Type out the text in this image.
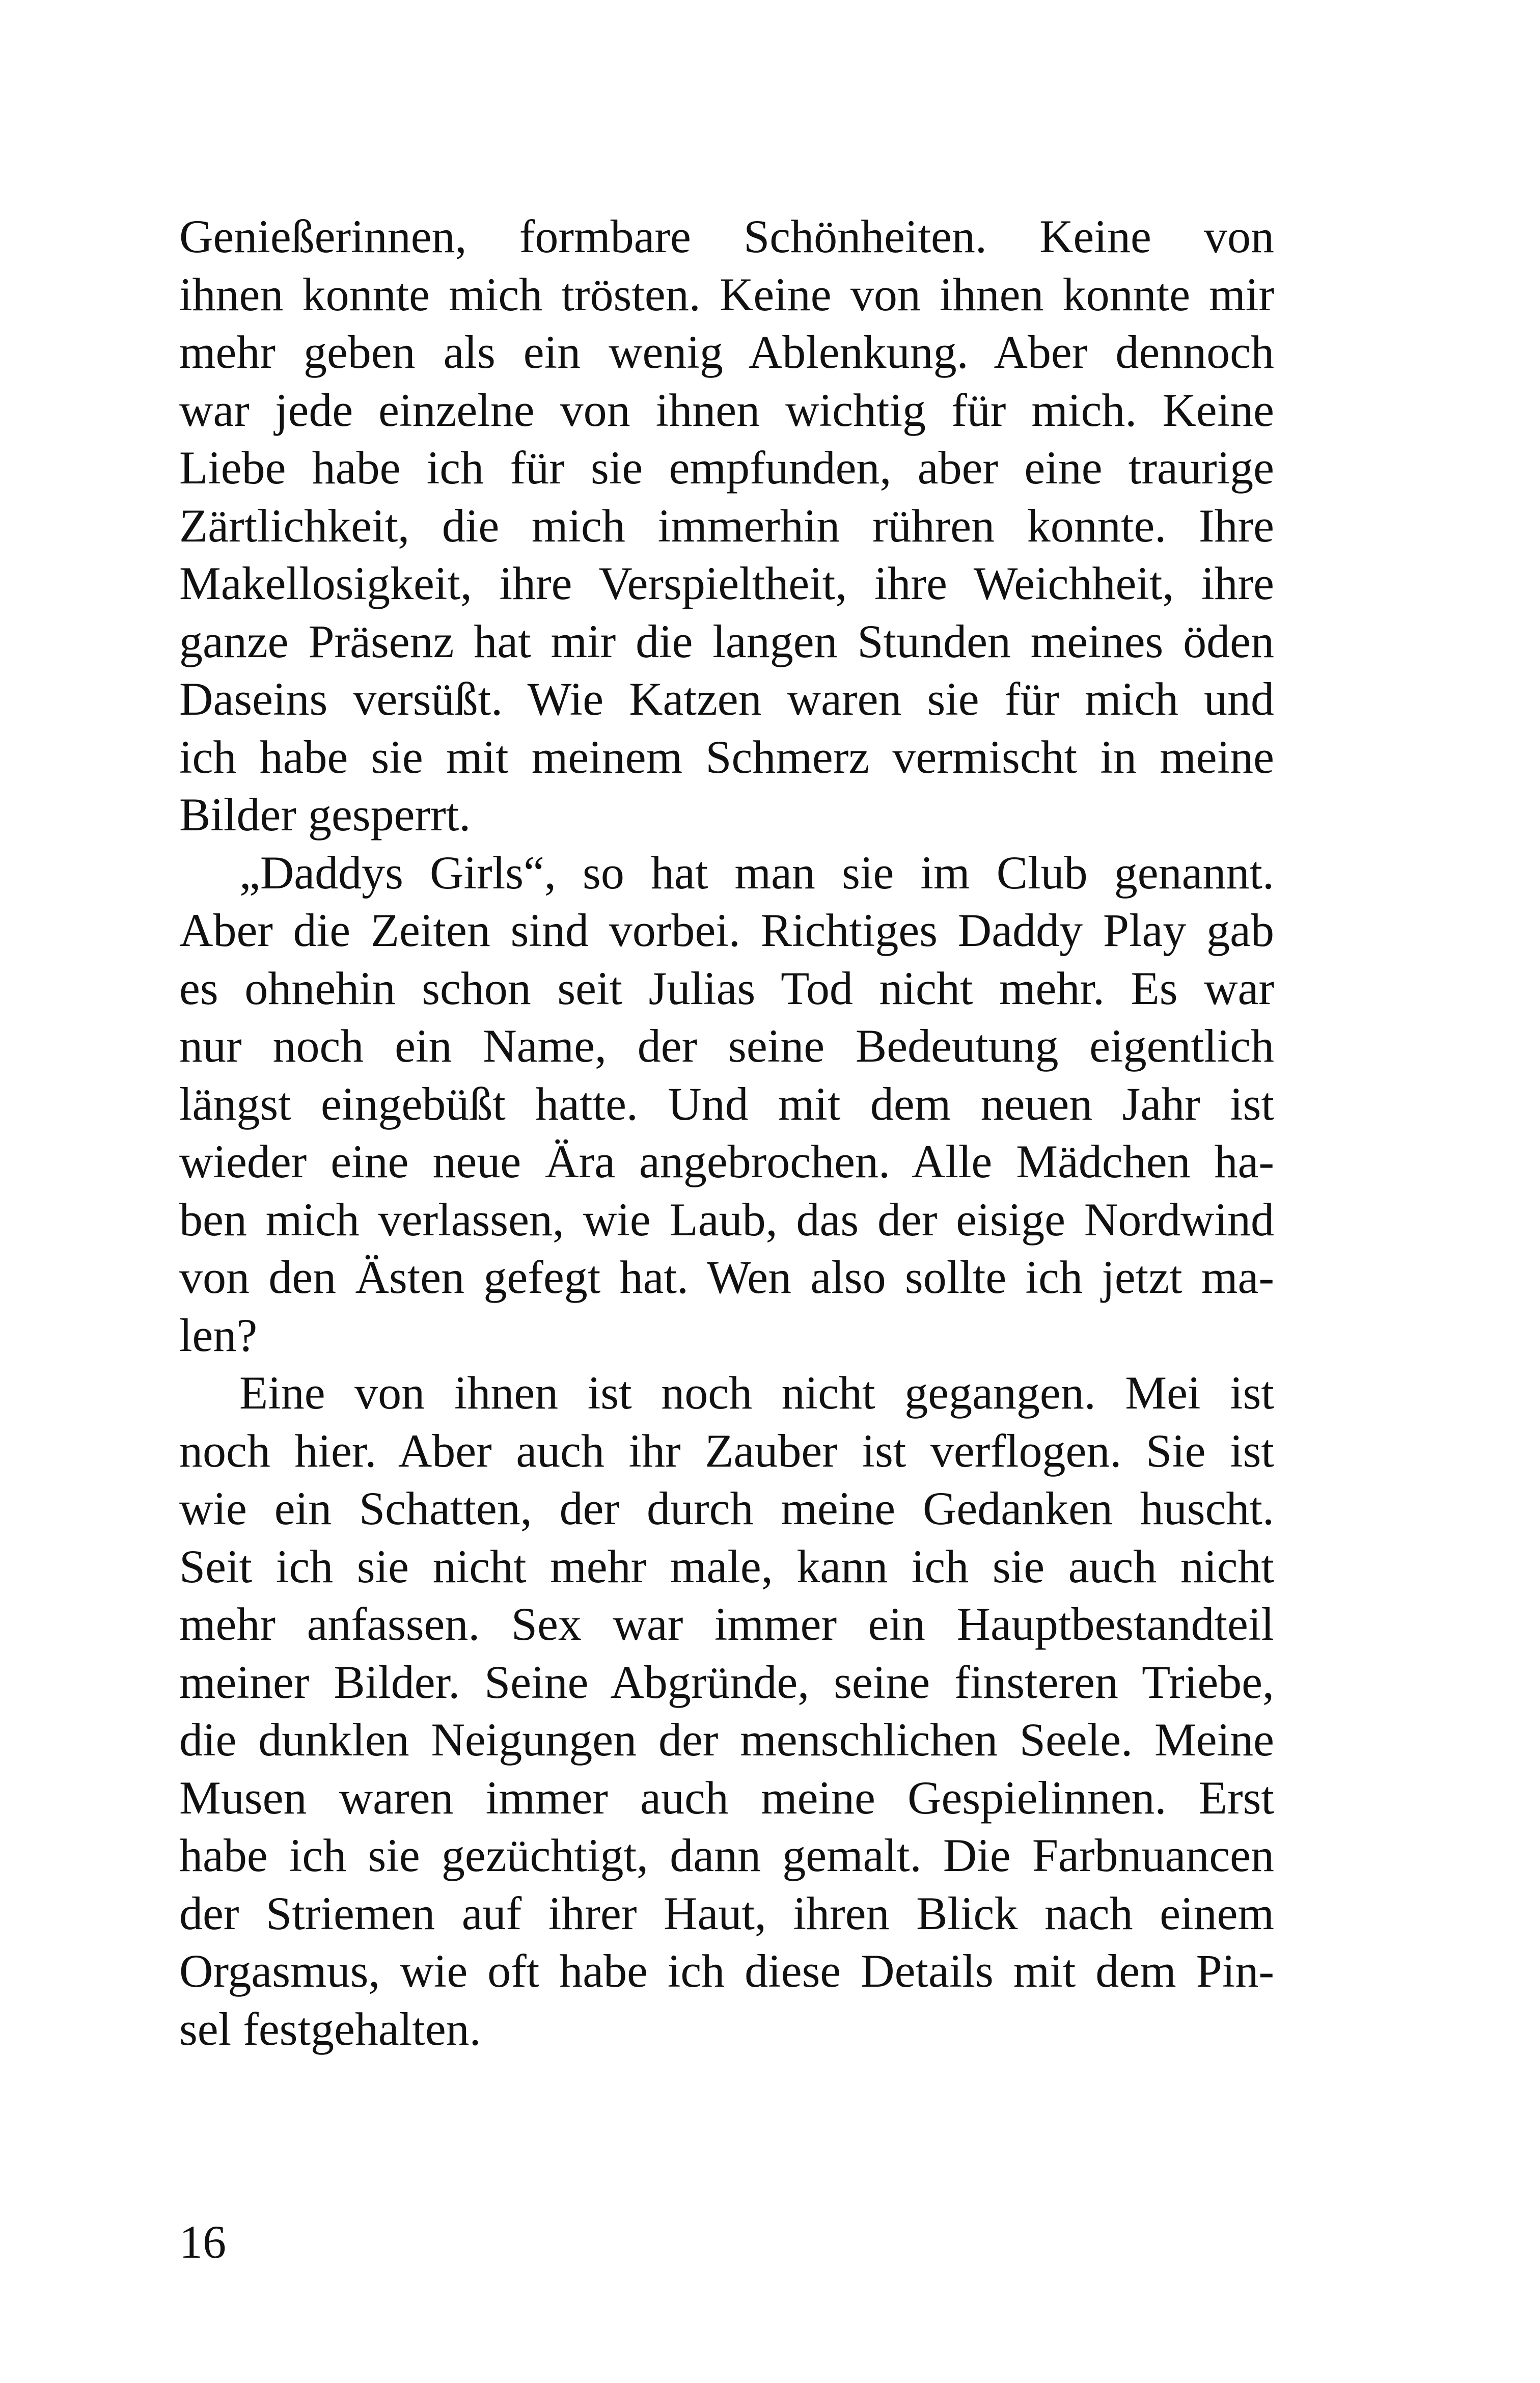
Genießerinnen, formbare Schönheiten. Keine von
ihnen konnte mich trösten. Keine von ihnen konnte mir
mehr geben als ein wenig Ablenkung. Aber dennoch
war jede einzelne von ihnen wichtig für mich. Keine
Liebe habe ich für sie empfunden, aber eine traurige
Zärtlichkeit, die mich immerhin rühren konnte. Ihre
Makellosigkeit, ihre Verspieltheit, ihre Weichheit, ihre
ganze Präsenz hat mir die langen Stunden meines öden
Daseins versüßt. Wie Katzen waren sie für mich und
ich habe sie mit meinem Schmerz vermischt in meine
Bilder gesperrt.
„Daddys Girls“, so hat man sie im Club genannt.
Aber die Zeiten sind vorbei. Richtiges Daddy Play gab
es ohnehin schon seit Julias Tod nicht mehr. Es war
nur noch ein Name, der seine Bedeutung eigentlich
längst eingebüßt hatte. Und mit dem neuen Jahr ist
wieder eine neue Ära angebrochen. Alle Mädchen ha-
ben mich verlassen, wie Laub, das der eisige Nordwind
von den Ästen gefegt hat. Wen also sollte ich jetzt ma-
len?
Eine von ihnen ist noch nicht gegangen. Mei ist
noch hier. Aber auch ihr Zauber ist verflogen. Sie ist
wie ein Schatten, der durch meine Gedanken huscht.
Seit ich sie nicht mehr male, kann ich sie auch nicht
mehr anfassen. Sex war immer ein Hauptbestandteil
meiner Bilder. Seine Abgründe, seine finsteren Triebe,
die dunklen Neigungen der menschlichen Seele. Meine
Musen waren immer auch meine Gespielinnen. Erst
habe ich sie gezüchtigt, dann gemalt. Die Farbnuancen
der Striemen auf ihrer Haut, ihren Blick nach einem
Orgasmus, wie oft habe ich diese Details mit dem Pin-
sel festgehalten.
16
